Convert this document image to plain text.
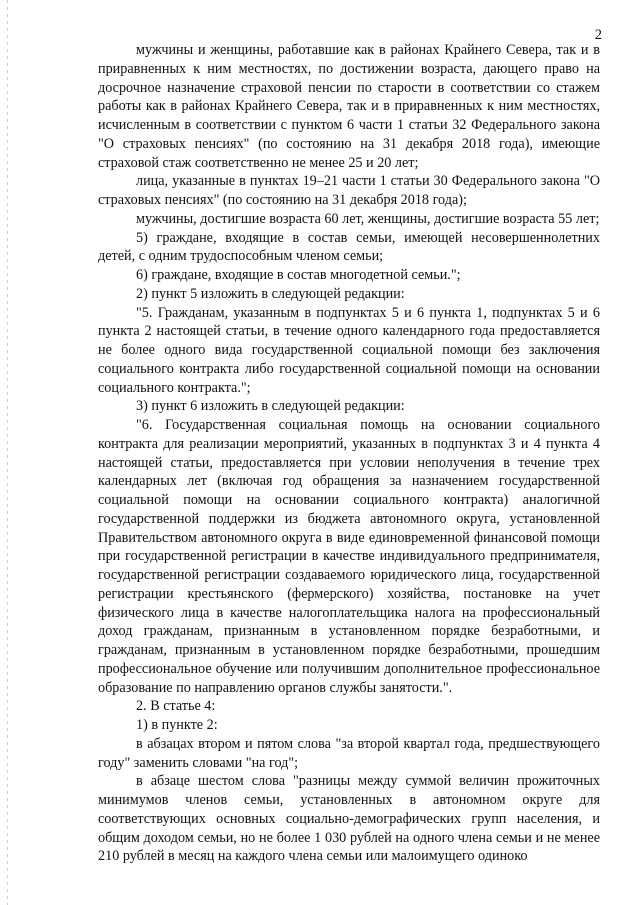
2

мужчины и женщины, работавшие как в районах Крайнего Севера, так и в приравненных к ним местностях, по достижении возраста, дающего право на досрочное назначение страховой пенсии по старости в соответствии со стажем работы как в районах Крайнего Севера, так и в приравненных к ним местностях, исчисленным в соответствии с пунктом 6 части 1 статьи 32 Федерального закона "О страховых пенсиях" (по состоянию на 31 декабря 2018 года), имеющие страховой стаж соответственно не менее 25 и 20 лет;

лица, указанные в пунктах 19–21 части 1 статьи 30 Федерального закона "О страховых пенсиях" (по состоянию на 31 декабря 2018 года);

мужчины, достигшие возраста 60 лет, женщины, достигшие возраста 55 лет;

5) граждане, входящие в состав семьи, имеющей несовершеннолетних детей, с одним трудоспособным членом семьи;

6) граждане, входящие в состав многодетной семьи.";

2) пункт 5 изложить в следующей редакции:

"5. Гражданам, указанным в подпунктах 5 и 6 пункта 1, подпунктах 5 и 6 пункта 2 настоящей статьи, в течение одного календарного года предоставляется не более одного вида государственной социальной помощи без заключения социального контракта либо государственной социальной помощи на основании социального контракта.";

3) пункт 6 изложить в следующей редакции:

"6. Государственная социальная помощь на основании социального контракта для реализации мероприятий, указанных в подпунктах 3 и 4 пункта 4 настоящей статьи, предоставляется при условии неполучения в течение трех календарных лет (включая год обращения за назначением государственной социальной помощи на основании социального контракта) аналогичной государственной поддержки из бюджета автономного округа, установленной Правительством автономного округа в виде единовременной финансовой помощи при государственной регистрации в качестве индивидуального предпринимателя, государственной регистрации создаваемого юридического лица, государственной регистрации крестьянского (фермерского) хозяйства, постановке на учет физического лица в качестве налогоплательщика налога на профессиональный доход гражданам, признанным в установленном порядке безработными, и гражданам, признанным в установленном порядке безработными, прошедшим профессиональное обучение или получившим дополнительное профессиональное образование по направлению органов службы занятости.".

2. В статье 4:

1) в пункте 2:

в абзацах втором и пятом слова "за второй квартал года, предшествующего году" заменить словами "на год";

в абзаце шестом слова "разницы между суммой величин прожиточных минимумов членов семьи, установленных в автономном округе для соответствующих основных социально-демографических групп населения, и общим доходом семьи, но не более 1 030 рублей на одного члена семьи и не менее 210 рублей в месяц на каждого члена семьи или малоимущего одиноко
